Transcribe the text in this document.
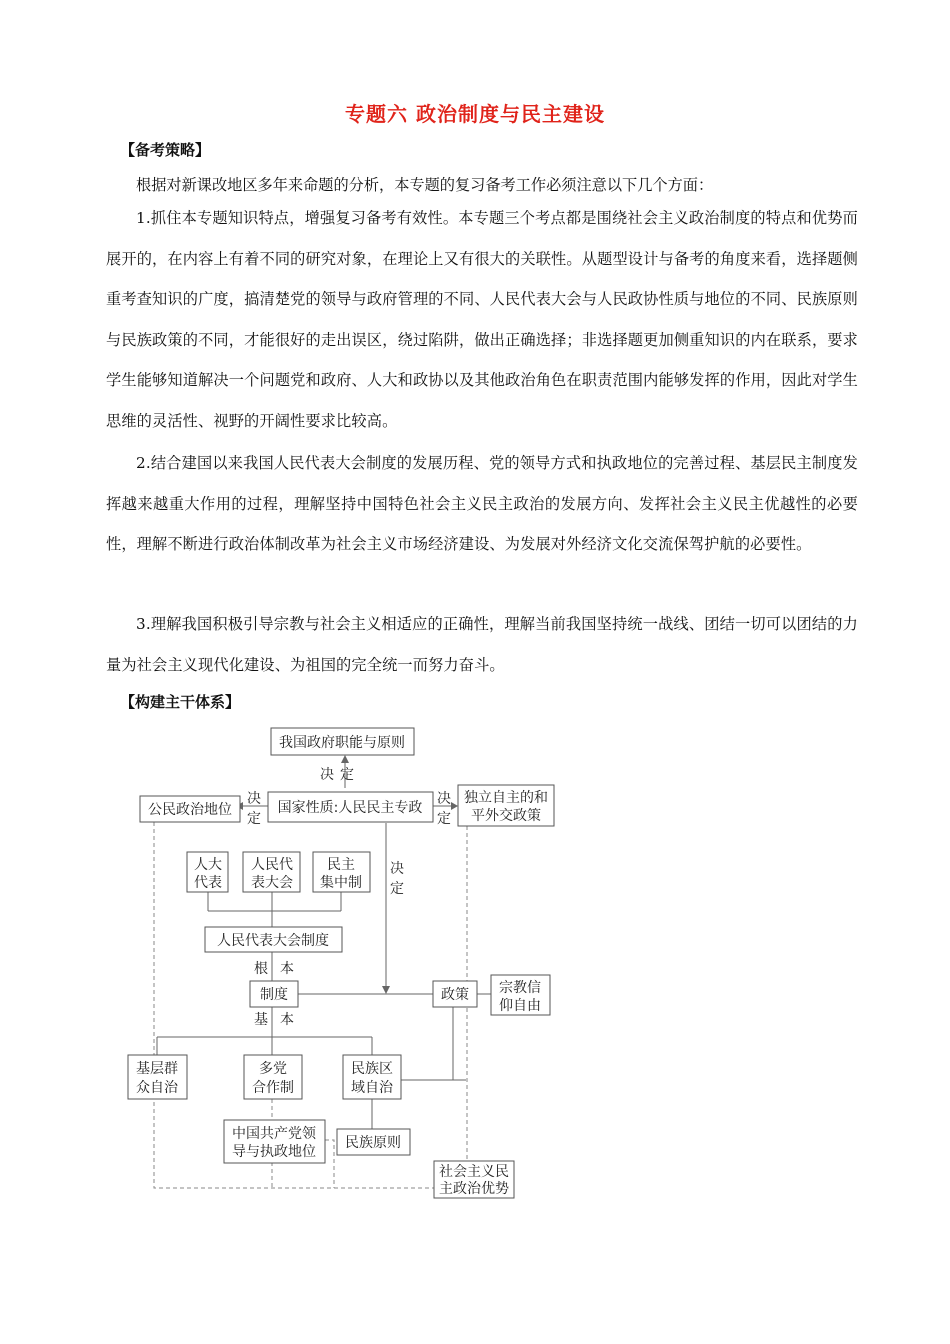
专题六 政治制度与民主建设
【备考策略】
根据对新课改地区多年来命题的分析，本专题的复习备考工作必须注意以下几个方面：

1.抓住本专题知识特点，增强复习备考有效性。本专题三个考点都是围绕社会主义政治制度的特点和优势而展开的，在内容上有着不同的研究对象，在理论上又有很大的关联性。从题型设计与备考的角度来看，选择题侧重考查知识的广度，搞清楚党的领导与政府管理的不同、人民代表大会与人民政协性质与地位的不同、民族原则与民族政策的不同，才能很好的走出误区，绕过陷阱，做出正确选择；非选择题更加侧重知识的内在联系，要求学生能够知道解决一个问题党和政府、人大和政协以及其他政治角色在职责范围内能够发挥的作用，因此对学生思维的灵活性、视野的开阔性要求比较高。

2.结合建国以来我国人民代表大会制度的发展历程、党的领导方式和执政地位的完善过程、基层民主制度发挥越来越重大作用的过程，理解坚持中国特色社会主义民主政治的发展方向、发挥社会主义民主优越性的必要性，理解不断进行政治体制改革为社会主义市场经济建设、为发展对外经济文化交流保驾护航的必要性。

3.理解我国积极引导宗教与社会主义相适应的正确性，理解当前我国坚持统一战线、团结一切可以团结的力量为社会主义现代化建设、为祖国的完全统一而努力奋斗。

【构建主干体系】
我国政府职能与原则
决 定
公民政治地位
决
定
国家性质:人民民主专政
决
定
独立自主的和
平外交政策
决
定
人大
代表
人民代
表大会
民主
集中制
人民代表大会制度
根 本
制度
基 本
政策 宗教信
仰自由
基层群
众自治
多党
合作制
民族区
域自治
中国共产党领
导与执政地位
民族原则
社会主义民
主政治优势
